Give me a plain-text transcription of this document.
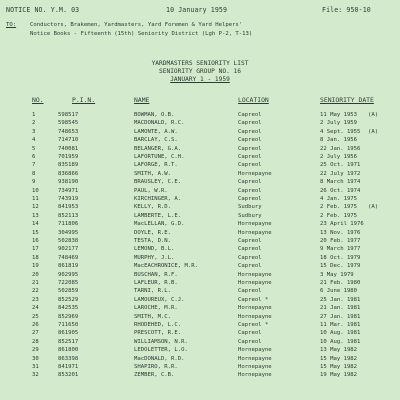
NOTICE NO. Y.M. 03	10 January 1959	File: 950-10
TO: Conductors, Brakemen, Yardmasters, Yard Foremen & Yard Helpers'
Notice Books - Fifteenth (15th) Seniority District (Lgh P-2, T-13)
YARDMASTERS SENIORITY LIST
SENIORITY GROUP NO. 16
JANUARY 1 - 1959
NO.	P.I.N.	NAME	LOCATION	SENIORITY DATE
1	598517	BOWMAN, O.B.	Capreol	11 May 1953 (A)
2	598545	MACDONALD, R.C.	Capreol	2 July 1959
3	748653	LAMONTE, A.W.	Capreol	4 Sept. 1955 (A)
4	714710	BARCLAY, C.S.	Capreol	8 Jan. 1956
5	740081	BELANGER, G.A.	Capreol	22 Jan. 1956
6	701959	LAFORTUNE, C.H.	Capreol	2 July 1956
7	835189	LAFORGE, R.T.	Capreol	25 Oct. 1971
8	836866	SMITH, A.W.	Hornepayne	22 July 1972
9	938190	BRAUSLEY, C.E.	Capreol	8 March 1974
10	734971	PAUL, W.R.	Capreol	26 Oct. 1974
11	743919	KIRCHINGER, A.	Capreol	4 Jan. 1975
12	841953	KELLY, R.D.	Sudbury	2 Feb. 1975 (A)
13	852113	LAMBERTE, L.E.	Sudbury	2 Feb. 1975
14	711806	MacLELLAN, G.D.	Hornepayne	23 April 1976
15	304995	DOYLE, R.E.	Hornepayne	13 Nov. 1976
16	502838	TESTA, D.N.	Capreol	20 Feb. 1977
17	902177	LEMOND, B.L.	Capreol	9 March 1977
18	748469	MURPHY, J.L.	Capreol	18 Oct. 1979
19	861819	MacEACHRONICE, M.R.	Capreol	15 Dec. 1979
20	902995	BUSCHAN, R.F.	Hornepayne	3 May 1979
21	722085	LAFLEUR, R.B.	Hornepayne	21 Feb. 1980
22	502859	TARNI, R.L.	Capreol	6 June 1980
23	852529	LAMOUREUX, C.J.	Capreol *	25 Jan. 1981
24	842535	LAROCHE, M.R.	Hornepayne	21 Jan. 1981
25	852969	SMITH, M.C.	Hornepayne	27 Jan. 1981
26	711650	RHODEHED, L.C.	Capreol *	11 Mar. 1981
27	861905	PRESCOTT, R.E.	Capreol	10 Aug. 1981
28	852517	WILLIAMSON, N.R.	Capreol	10 Aug. 1981
29	861800	LEDOLETTER, L.O.	Hornepayne	13 May 1982
30	863398	MacDONALD, R.D.	Hornepayne	15 May 1982
31	841971	SHAPIRO, R.R.	Hornepayne	15 May 1982
32	853201	ZEMBER, C.B.	Hornepayne	19 May 1982
